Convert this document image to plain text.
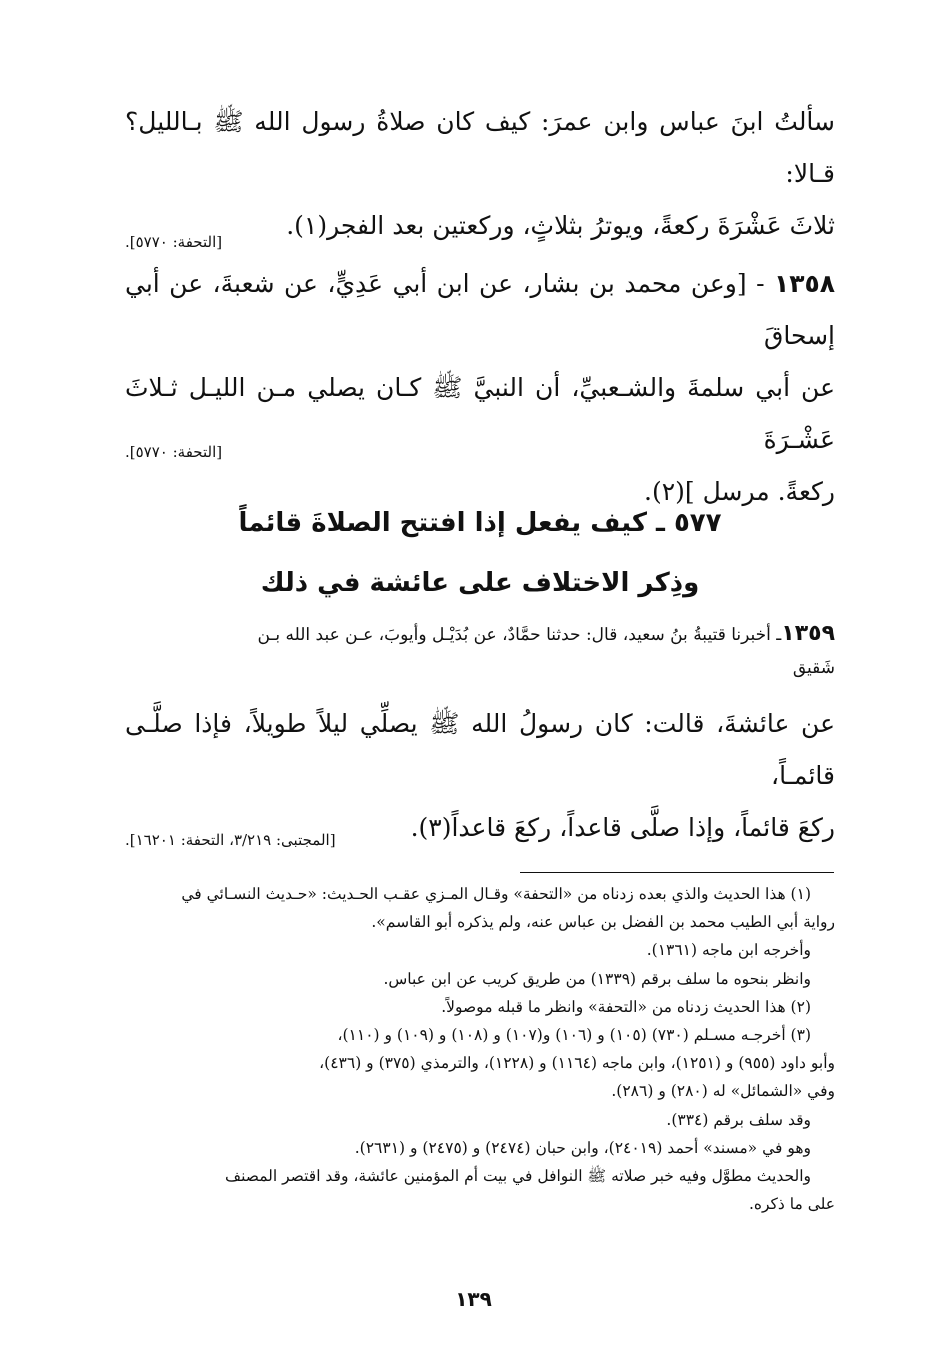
سألتُ ابنَ عباس وابن عمرَ: كيف كان صلاةُ رسول الله ﷺ بـالليل؟ قـالا:
ثلاثَ عَشْرَةَ ركعةً، ويوترُ بثلاثٍ، وركعتين بعد الفجر(١).
[التحفة: ٥٧٧٠].
١٣٥٨ - [وعن محمد بن بشار، عن ابن أبي عَدِيٍّ، عن شعبةَ، عن أبي إسحاقَ
عن أبي سلمةَ والشـعبيِّ، أن النبيَّ ﷺ كـان يصلي مـن الليـل ثـلاثَ عَشْـرَةَ
ركعةً. مرسل ](٢).
[التحفة: ٥٧٧٠].
٥٧٧ ـ كيف يفعل إذا افتتح الصلاةَ قائماً
وذِكر الاختلاف على عائشة في ذلك
١٣٥٩ـ أخبرنا قتيبةُ بنُ سعيد، قال: حدثنا حمَّادٌ، عن بُدَيْـل وأيوبَ، عـن عبد الله بـن
شَقيق
عن عائشةَ، قالت: كان رسولُ الله ﷺ يصلِّي ليلاً طويلاً، فإذا صلَّـى قائمـاً،
ركعَ قائماً، وإذا صلَّى قاعداً، ركعَ قاعداً(٣).
[المجتبى: ٣/٢١٩، التحفة: ١٦٢٠١].
(١) هذا الحديث والذي بعده زدناه من «التحفة» وقـال المـزي عقـب الحـديث: «حـديث النسـائي في
رواية أبي الطيب محمد بن الفضل بن عباس عنه، ولم يذكره أبو القاسم».
وأخرجه ابن ماجه (١٣٦١).
وانظر بنحوه ما سلف برقم (١٣٣٩) من طريق كريب عن ابن عباس.
(٢) هذا الحديث زدناه من «التحفة» وانظر ما قبله موصولاً.
(٣) أخرجـه مسـلم (٧٣٠) (١٠٥) و (١٠٦) و(١٠٧) و (١٠٨) و (١٠٩) و (١١٠)،
وأبو داود (٩٥٥) و (١٢٥١)، وابن ماجه (١١٦٤) و (١٢٢٨)، والترمذي (٣٧٥) و (٤٣٦)،
وفي «الشمائل» له (٢٨٠) و (٢٨٦).
وقد سلف برقم (٣٣٤).
وهو في «مسند» أحمد (٢٤٠١٩)، وابن حبان (٢٤٧٤) و (٢٤٧٥) و (٢٦٣١).
والحديث مطوَّل وفيه خبر صلاته ﷺ النوافل في بيت أم المؤمنين عائشة، وقد اقتصر المصنف
على ما ذكره.
١٣٩
